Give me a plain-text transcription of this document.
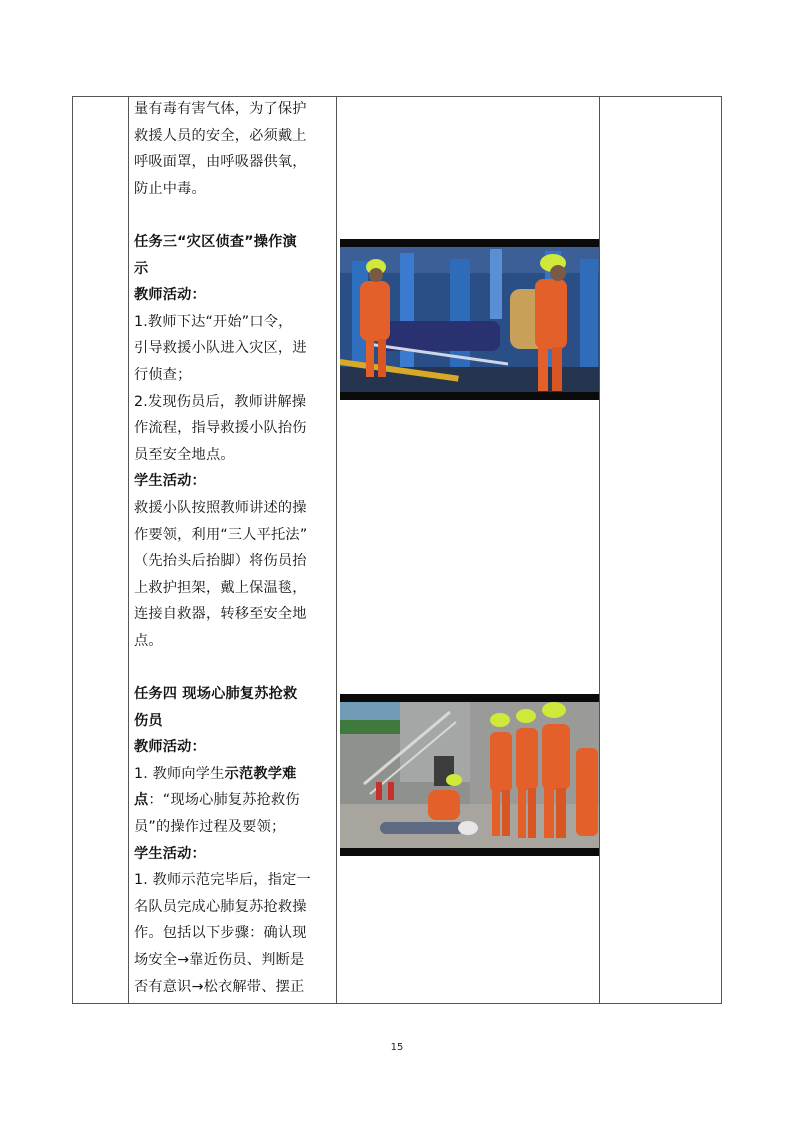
量有毒有害气体，为了保护

救援人员的安全，必须戴上

呼吸面罩，由呼吸器供氧，

防止中毒。

任务三“灾区侦查”操作演

示

教师活动：

1.教师下达“开始”口令，

引导救援小队进入灾区，进

行侦查；

2.发现伤员后，教师讲解操

作流程，指导救援小队抬伤

员至安全地点。

学生活动：

救援小队按照教师讲述的操

作要领，利用“三人平托法”

（先抬头后抬脚）将伤员抬

上救护担架，戴上保温毯，

连接自救器，转移至安全地

点。

任务四 现场心肺复苏抢救

伤员

教师活动：

1. 教师向学生示范教学难

点：“现场心肺复苏抢救伤

员”的操作过程及要领；

学生活动：

1. 教师示范完毕后，指定一

名队员完成心肺复苏抢救操

作。包括以下步骤：确认现

场安全→靠近伤员、判断是

否有意识→松衣解带、摆正

15
